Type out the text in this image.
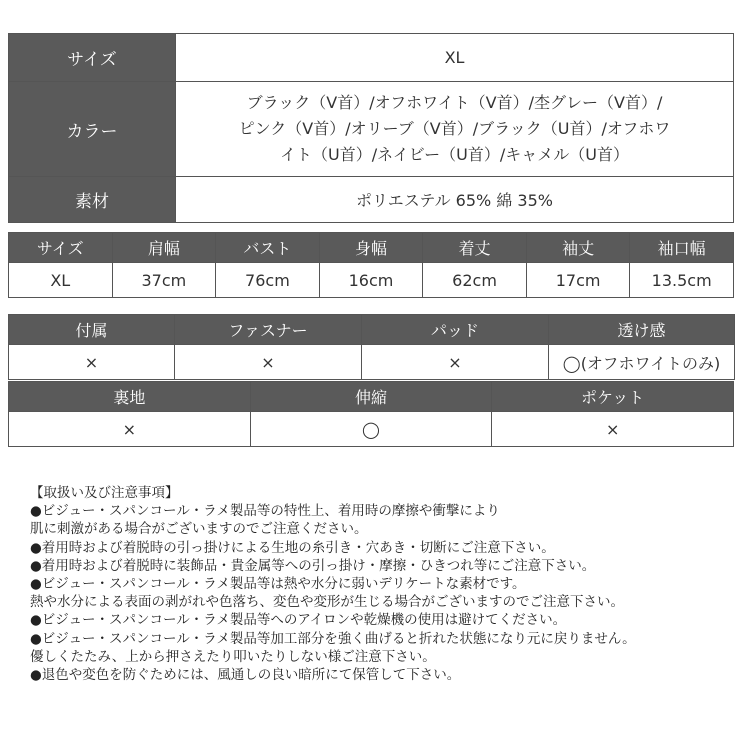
サイズ	XL
カラー	ブラック（V首）/オフホワイト（V首）/杢グレー（V首）/
ピンク（V首）/オリーブ（V首）/ブラック（U首）/オフホワ
イト（U首）/ネイビー（U首）/キャメル（U首）

素材	ポリエステル 65% 綿 35%
サイズ	肩幅	バスト	身幅	着丈	袖丈	袖口幅
XL	37cm	76cm	16cm	62cm	17cm	13.5cm
付属	ファスナー	パッド	透け感
×	×	×	◯(オフホワイトのみ)
裏地	伸縮	ポケット
×	◯	×
【取扱い及び注意事項】
●ビジュー・スパンコール・ラメ製品等の特性上、着用時の摩擦や衝撃により
肌に刺激がある場合がございますのでご注意ください。
●着用時および着脱時の引っ掛けによる生地の糸引き・穴あき・切断にご注意下さい。
●着用時および着脱時に装飾品・貴金属等への引っ掛け・摩擦・ひきつれ等にご注意下さい。
●ビジュー・スパンコール・ラメ製品等は熱や水分に弱いデリケートな素材です。
熱や水分による表面の剥がれや色落ち、変色や変形が生じる場合がございますのでご注意下さい。
●ビジュー・スパンコール・ラメ製品等へのアイロンや乾燥機の使用は避けてください。
●ビジュー・スパンコール・ラメ製品等加工部分を強く曲げると折れた状態になり元に戻りません。
優しくたたみ、上から押さえたり叩いたりしない様ご注意下さい。
●退色や変色を防ぐためには、風通しの良い暗所にて保管して下さい。
